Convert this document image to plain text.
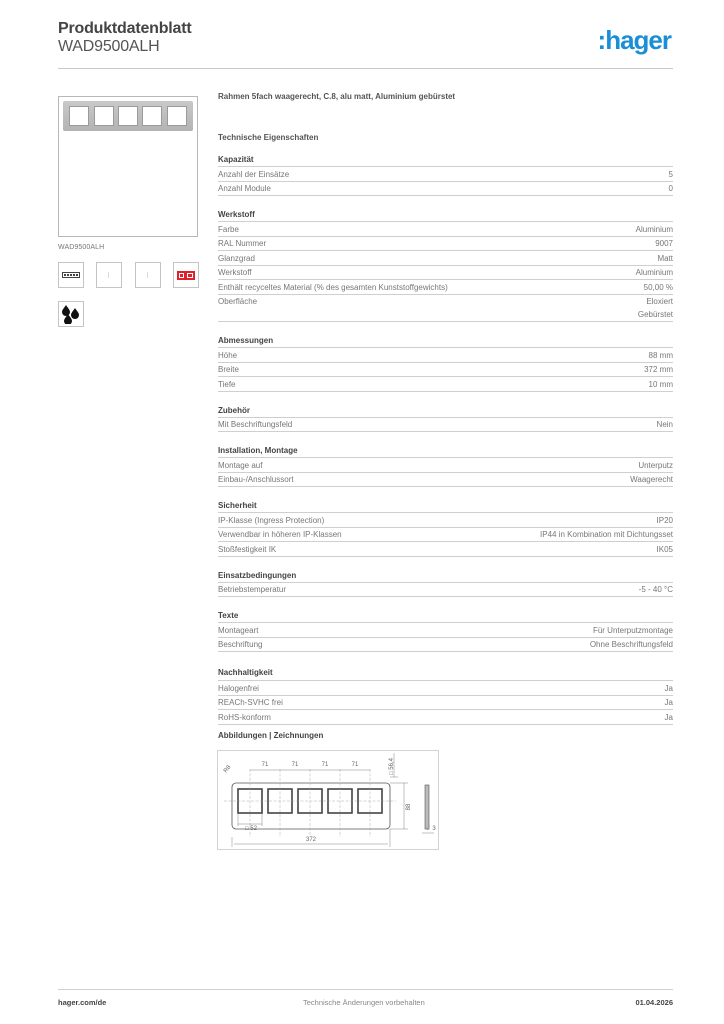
Produktdatenblatt
WAD9500ALH	:hager
WAD9500ALH
Rahmen 5fach waagerecht, C.8, alu matt, Aluminium gebürstet
Technische Eigenschaften
Kapazität
Anzahl der Einsätze	5
Anzahl Module	0
Werkstoff
Farbe	Aluminium
RAL Nummer	9007
Glanzgrad	Matt
Werkstoff	Aluminium
Enthält recyceltes Material (% des gesamten Kunststoffgewichts)	50,00 %
Oberfläche	Eloxiert
Gebürstet
Abmessungen
Höhe	88 mm
Breite	372 mm
Tiefe	10 mm
Zubehör
Mit Beschriftungsfeld	Nein
Installation, Montage
Montage auf	Unterputz
Einbau-/Anschlussort	Waagerecht
Sicherheit
IP-Klasse (Ingress Protection)	IP20
Verwendbar in höheren IP-Klassen	IP44 in Kombination mit Dichtungsset
Stoßfestigkeit IK	IK05
Einsatzbedingungen
Betriebstemperatur	-5 - 40 °C
Texte
Montageart	Für Unterputzmontage
Beschriftung	Ohne Beschriftungsfeld
Nachhaltigkeit
Halogenfrei	Ja
REACh-SVHC frei	Ja
RoHS-konform	Ja
Abbildungen | Zeichnungen
71	71	71	71
372
□ 52	3
R8
88
□ 56,4
hager.com/de	Technische Änderungen vorbehalten	01.04.2026
